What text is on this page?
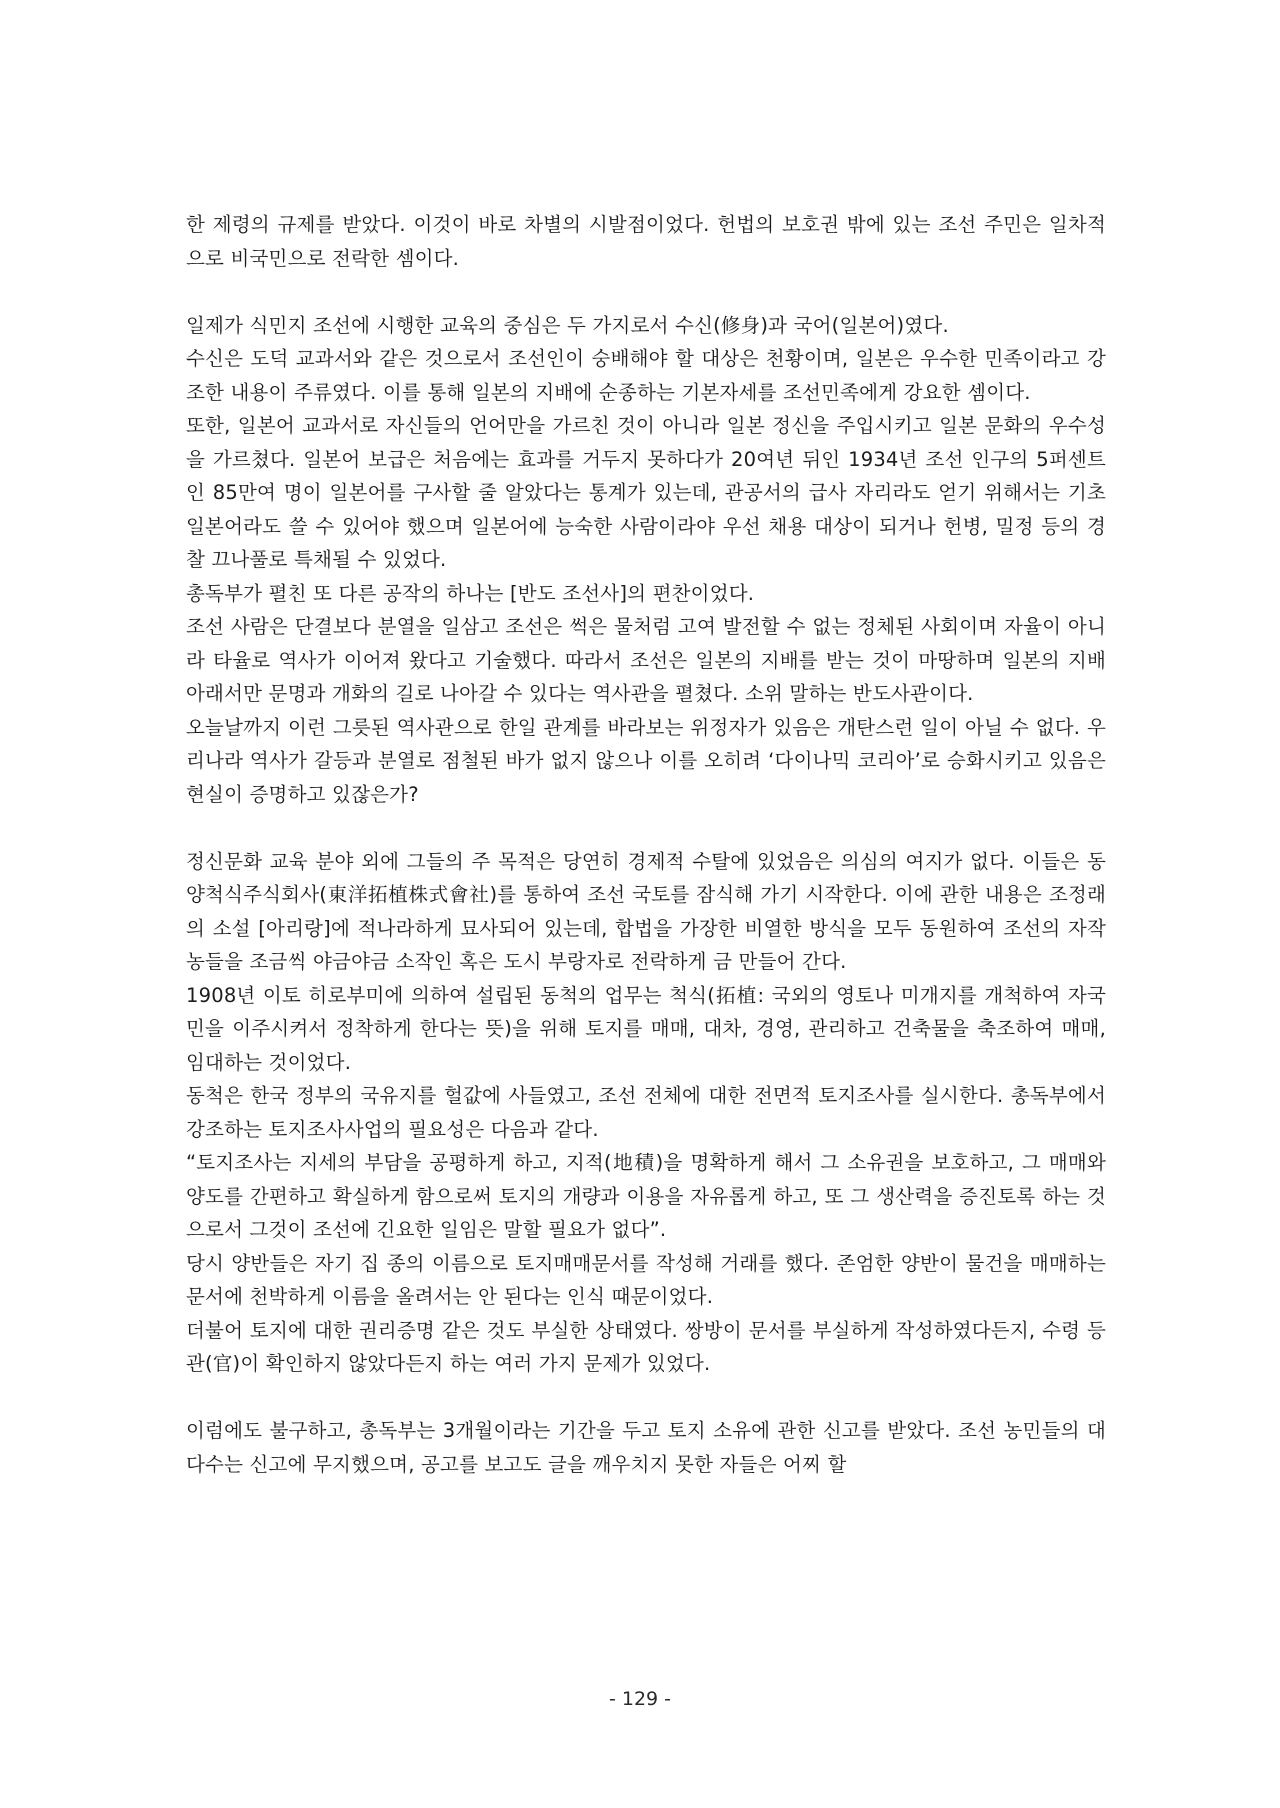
한 제령의 규제를 받았다. 이것이 바로 차별의 시발점이었다. 헌법의 보호권 밖에 있는 조선 주민은 일차적으로 비국민으로 전락한 셈이다.

일제가 식민지 조선에 시행한 교육의 중심은 두 가지로서 수신(修身)과 국어(일본어)였다.

수신은 도덕 교과서와 같은 것으로서 조선인이 숭배해야 할 대상은 천황이며, 일본은 우수한 민족이라고 강조한 내용이 주류였다. 이를 통해 일본의 지배에 순종하는 기본자세를 조선민족에게 강요한 셈이다.

또한, 일본어 교과서로 자신들의 언어만을 가르친 것이 아니라 일본 정신을 주입시키고 일본 문화의 우수성을 가르쳤다. 일본어 보급은 처음에는 효과를 거두지 못하다가 20여년 뒤인 1934년 조선 인구의 5퍼센트인 85만여 명이 일본어를 구사할 줄 알았다는 통계가 있는데, 관공서의 급사 자리라도 얻기 위해서는 기초 일본어라도 쓸 수 있어야 했으며 일본어에 능숙한 사람이라야 우선 채용 대상이 되거나 헌병, 밀정 등의 경찰 끄나풀로 특채될 수 있었다.

총독부가 펼친 또 다른 공작의 하나는 [반도 조선사]의 편찬이었다.

조선 사람은 단결보다 분열을 일삼고 조선은 썩은 물처럼 고여 발전할 수 없는 정체된 사회이며 자율이 아니라 타율로 역사가 이어져 왔다고 기술했다. 따라서 조선은 일본의 지배를 받는 것이 마땅하며 일본의 지배 아래서만 문명과 개화의 길로 나아갈 수 있다는 역사관을 펼쳤다. 소위 말하는 반도사관이다.

오늘날까지 이런 그릇된 역사관으로 한일 관계를 바라보는 위정자가 있음은 개탄스런 일이 아닐 수 없다. 우리나라 역사가 갈등과 분열로 점철된 바가 없지 않으나 이를 오히려 ‘다이나믹 코리아’로 승화시키고 있음은 현실이 증명하고 있잖은가?

정신문화 교육 분야 외에 그들의 주 목적은 당연히 경제적 수탈에 있었음은 의심의 여지가 없다. 이들은 동양척식주식회사(東洋拓植株式會社)를 통하여 조선 국토를 잠식해 가기 시작한다. 이에 관한 내용은 조정래의 소설 [아리랑]에 적나라하게 묘사되어 있는데, 합법을 가장한 비열한 방식을 모두 동원하여 조선의 자작농들을 조금씩 야금야금 소작인 혹은 도시 부랑자로 전락하게 금 만들어 간다.

1908년 이토 히로부미에 의하여 설립된 동척의 업무는 척식(拓植: 국외의 영토나 미개지를 개척하여 자국민을 이주시켜서 정착하게 한다는 뜻)을 위해 토지를 매매, 대차, 경영, 관리하고 건축물을 축조하여 매매, 임대하는 것이었다.

동척은 한국 정부의 국유지를 헐값에 사들였고, 조선 전체에 대한 전면적 토지조사를 실시한다. 총독부에서 강조하는 토지조사사업의 필요성은 다음과 같다.

“토지조사는 지세의 부담을 공평하게 하고, 지적(地積)을 명확하게 해서 그 소유권을 보호하고, 그 매매와 양도를 간편하고 확실하게 함으로써 토지의 개량과 이용을 자유롭게 하고, 또 그 생산력을 증진토록 하는 것으로서 그것이 조선에 긴요한 일임은 말할 필요가 없다”.

당시 양반들은 자기 집 종의 이름으로 토지매매문서를 작성해 거래를 했다. 존엄한 양반이 물건을 매매하는 문서에 천박하게 이름을 올려서는 안 된다는 인식 때문이었다.

더불어 토지에 대한 권리증명 같은 것도 부실한 상태였다. 쌍방이 문서를 부실하게 작성하였다든지, 수령 등 관(官)이 확인하지 않았다든지 하는 여러 가지 문제가 있었다.

이럼에도 불구하고, 총독부는 3개월이라는 기간을 두고 토지 소유에 관한 신고를 받았다. 조선 농민들의 대다수는 신고에 무지했으며, 공고를 보고도 글을 깨우치지 못한 자들은 어찌 할

- 129 -
